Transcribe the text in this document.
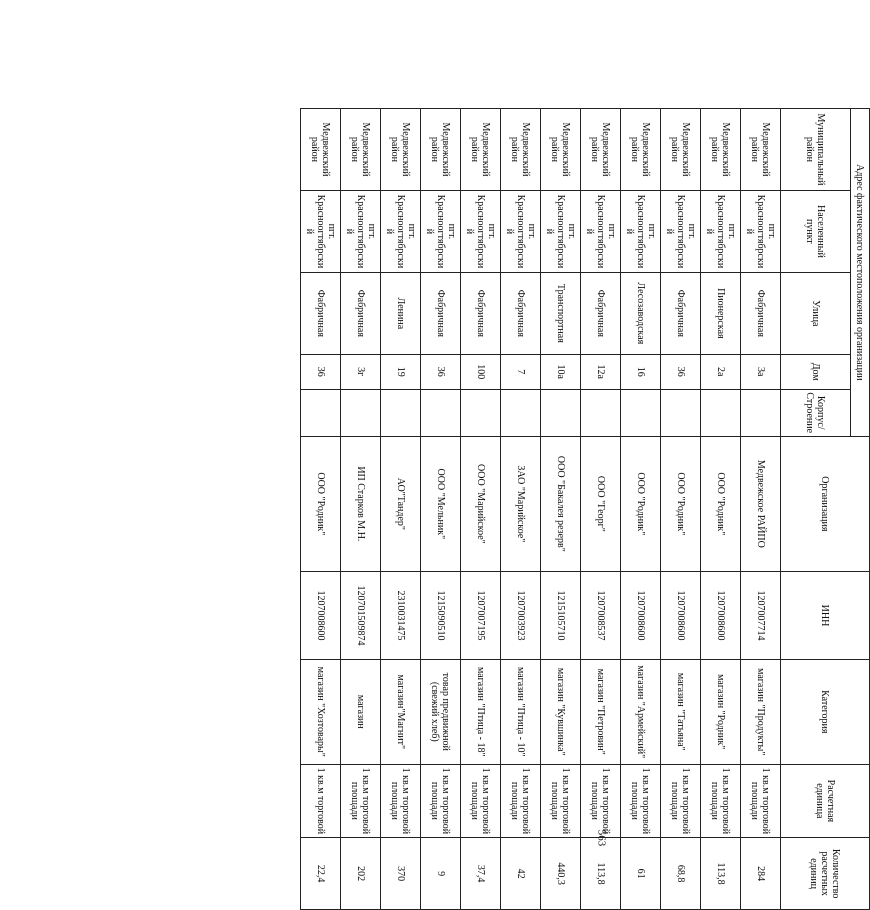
563
Адрес фактического местоположения организации					Организация	ИНН	Категория	Расчетная единица	Количество расчетных единиц
Муниципальный район	Населенный пункт	Улица	Дом	Корпус/Строение					
Медвежский район	пгт. Красноогтябрский	Фабричная	3а		Медвежское РАЙПО	1207007714	магазин "Продукты"	1 кв.м торговой площади	284
Медвежский район	пгт. Красноогтябрский	Пионерская	2а		ООО "Родник"	1207008600	магазин "Родник"	1 кв.м торговой площади	113,8
Медвежский район	пгт. Красноогтябрский	Фабричная	36		ООО "Родник"	1207008600	магазин "Татьяна"	1 кв.м торговой площади	68,8
Медвежский район	пгт. Красноогтябрский	Лесозаводская	16		ООО "Родник"	1207008600	магазин "Армейский"	1 кв.м торговой площади	61
Медвежский район	пгт. Красноогтябрский	Фабричная	12а		ООО "Георг"	1207008537	магазин "Петровин"	1 кв.м торговой площади	113,8
Медвежский район	пгт. Красноогтябрский	Транспортная	10а		ООО "Бакалея резерв"	1215105710	магазин "Кувшинка"	1 кв.м торговой площади	440,3
Медвежский район	пгт. Красноогтябрский	Фабричная	7		ЗАО "Марийское"	1207003923	магазин "Птица - 10"	1 кв.м торговой площади	42
Медвежский район	пгт. Красноогтябрский	Фабричная	100		ООО "Марийское"	1207007195	магазин "Птица - 18"	1 кв.м торговой площади	37,4
Медвежский район	пгт. Красноогтябрский	Фабричная	36		ООО "Мельник"	1215090510	товар предвижной (свежий хлеб)	1 кв.м торговой площади	9
Медвежский район	пгт. Красноогтябрский	Ленина	19		АО"Тандер"	2310031475	магазин"Магнит"	1 кв.м торговой площади	370
Медвежский район	пгт. Красноогтябрский	Фабричная	3г		ИП Старков М.Н.	120701509874	магазин	1 кв.м торговой площади	202
Медвежский район	пгт. Красноогтябрский	Фабричная	36		ООО "Родник"	1207008600	магазин "Хозтовары"	1 кв.м торговой	22,4
